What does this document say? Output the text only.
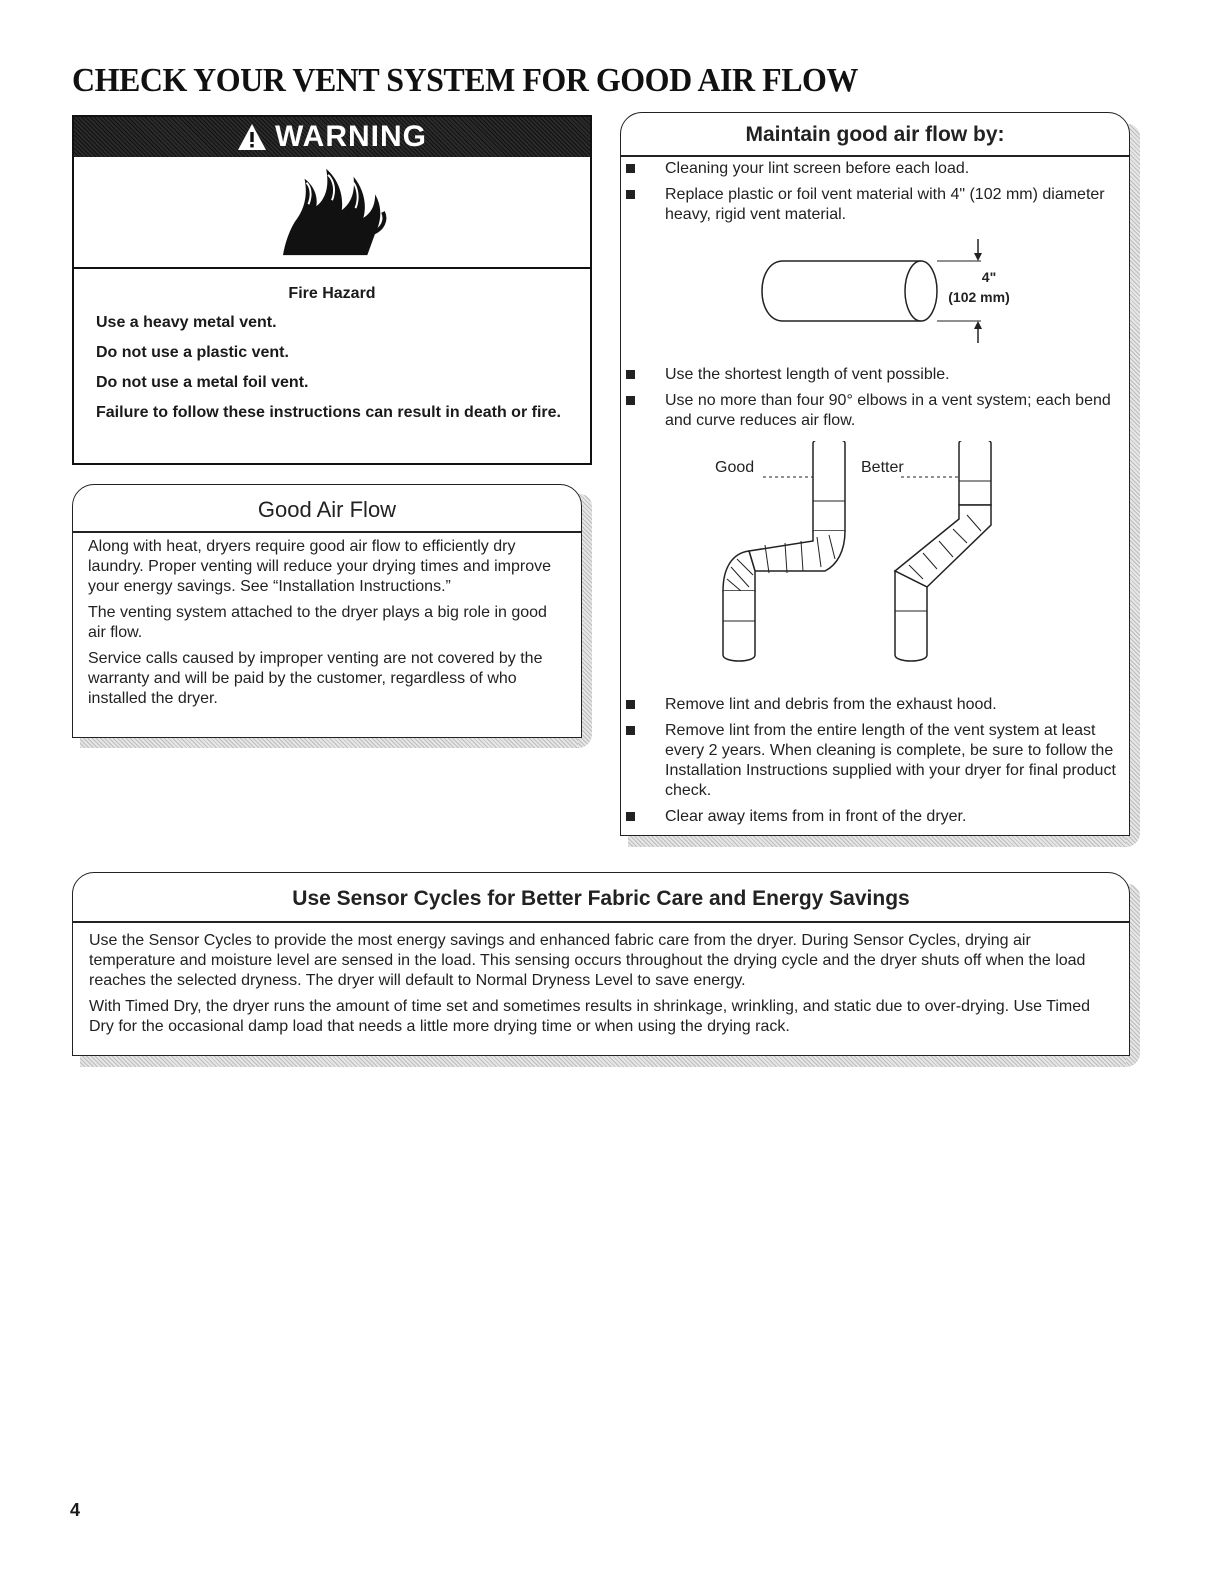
CHECK YOUR VENT SYSTEM FOR GOOD AIR FLOW
WARNING
Fire Hazard

Use a heavy metal vent.

Do not use a plastic vent.

Do not use a metal foil vent.

Failure to follow these instructions can result in death or fire.

Good Air Flow

Along with heat, dryers require good air flow to efficiently dry laundry. Proper venting will reduce your drying times and improve your energy savings. See “Installation Instructions.”

The venting system attached to the dryer plays a big role in good air flow.

Service calls caused by improper venting are not covered by the warranty and will be paid by the customer, regardless of who installed the dryer.

Maintain good air flow by:
Cleaning your lint screen before each load.
Replace plastic or foil vent material with 4" (102 mm) diameter heavy, rigid vent material.
4"
(102 mm)
Use the shortest length of vent possible.
Use no more than four 90° elbows in a vent system; each bend and curve reduces air flow.
Good	Better
Remove lint and debris from the exhaust hood.
Remove lint from the entire length of the vent system at least every 2 years. When cleaning is complete, be sure to follow the Installation Instructions supplied with your dryer for final product check.
Clear away items from in front of the dryer.
Use Sensor Cycles for Better Fabric Care and Energy Savings

Use the Sensor Cycles to provide the most energy savings and enhanced fabric care from the dryer. During Sensor Cycles, drying air temperature and moisture level are sensed in the load. This sensing occurs throughout the drying cycle and the dryer shuts off when the load reaches the selected dryness. The dryer will default to Normal Dryness Level to save energy.

With Timed Dry, the dryer runs the amount of time set and sometimes results in shrinkage, wrinkling, and static due to over-drying. Use Timed Dry for the occasional damp load that needs a little more drying time or when using the drying rack.

4
